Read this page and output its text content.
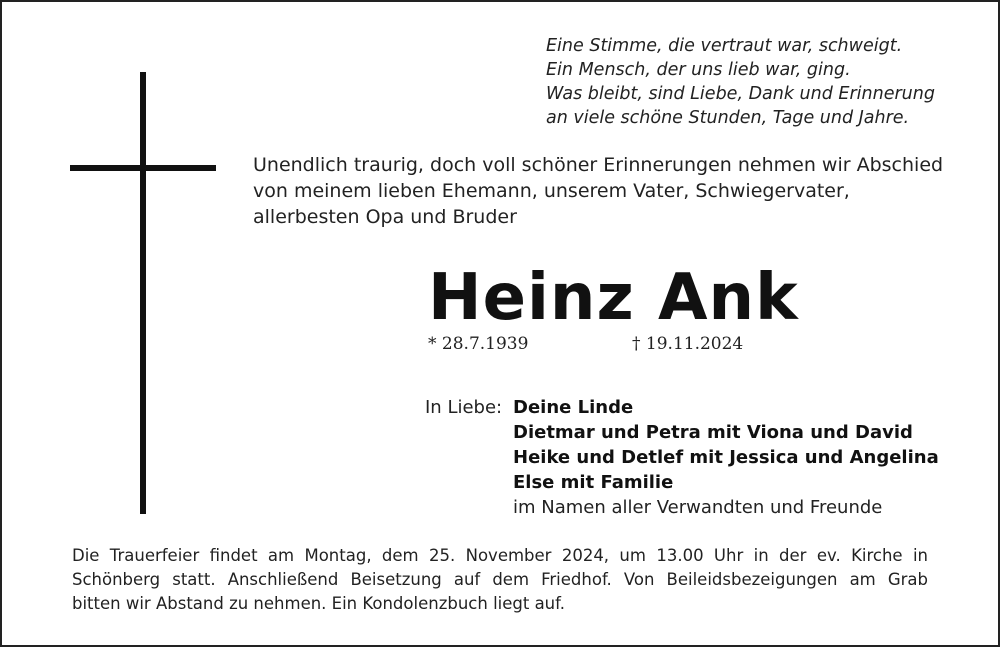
Eine Stimme, die vertraut war, schweigt.
Ein Mensch, der uns lieb war, ging.
Was bleibt, sind Liebe, Dank und Erinnerung
an viele schöne Stunden, Tage und Jahre.
Unendlich traurig, doch voll schöner Erinnerungen nehmen wir Abschied
von meinem lieben Ehemann, unserem Vater, Schwiegervater,
allerbesten Opa und Bruder
Heinz Ank
* 28.7.1939	† 19.11.2024
In Liebe: Deine Linde
Dietmar und Petra mit Viona und David
Heike und Detlef mit Jessica und Angelina
Else mit Familie
im Namen aller Verwandten und Freunde
Die Trauerfeier findet am Montag, dem 25. November 2024, um 13.00 Uhr in der ev. Kirche in
Schönberg statt. Anschließend Beisetzung auf dem Friedhof. Von Beileidsbezeigungen am Grab
bitten wir Abstand zu nehmen. Ein Kondolenzbuch liegt auf.
